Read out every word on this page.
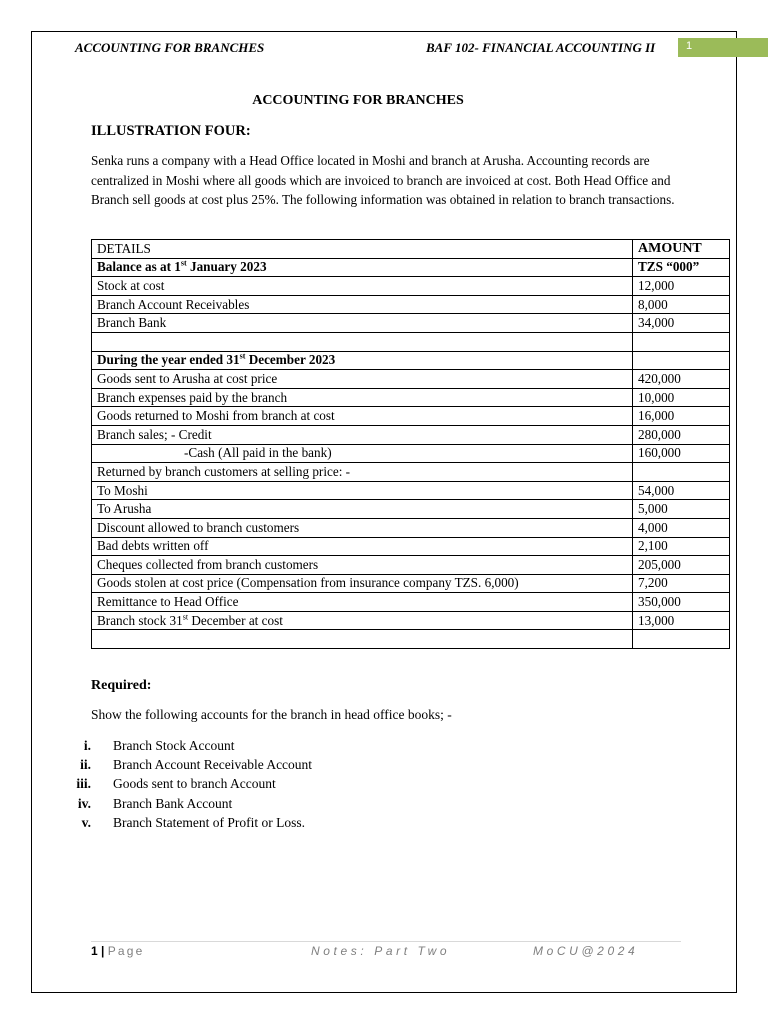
ACCOUNTING FOR BRANCHES	BAF 102- FINANCIAL ACCOUNTING II	1
ACCOUNTING FOR BRANCHES
ILLUSTRATION FOUR:
Senka runs a company with a Head Office located in Moshi and branch at Arusha. Accounting records are centralized in Moshi where all goods which are invoiced to branch are invoiced at cost. Both Head Office and Branch sell goods at cost plus 25%. The following information was obtained in relation to branch transactions.
DETAILS	AMOUNT
Balance as at 1st January 2023	TZS “000”
Stock at cost	12,000
Branch Account Receivables	8,000
Branch Bank	34,000

During the year ended 31st December 2023	
Goods sent to Arusha at cost price	420,000
Branch expenses paid by the branch	10,000
Goods returned to Moshi from branch at cost	16,000
Branch sales; - Credit	280,000
-Cash (All paid in the bank)	160,000
Returned by branch customers at selling price: -	
To Moshi	54,000
To Arusha	5,000
Discount allowed to branch customers	4,000
Bad debts written off	2,100
Cheques collected from branch customers	205,000
Goods stolen at cost price (Compensation from insurance company TZS. 6,000)	7,200
Remittance to Head Office	350,000
Branch stock 31st December at cost	13,000

Required:
Show the following accounts for the branch in head office books; -
i. Branch Stock Account
ii. Branch Account Receivable Account
iii. Goods sent to branch Account
iv. Branch Bank Account
v. Branch Statement of Profit or Loss.
1 | Page	Notes: Part Two	MoCU@2024
